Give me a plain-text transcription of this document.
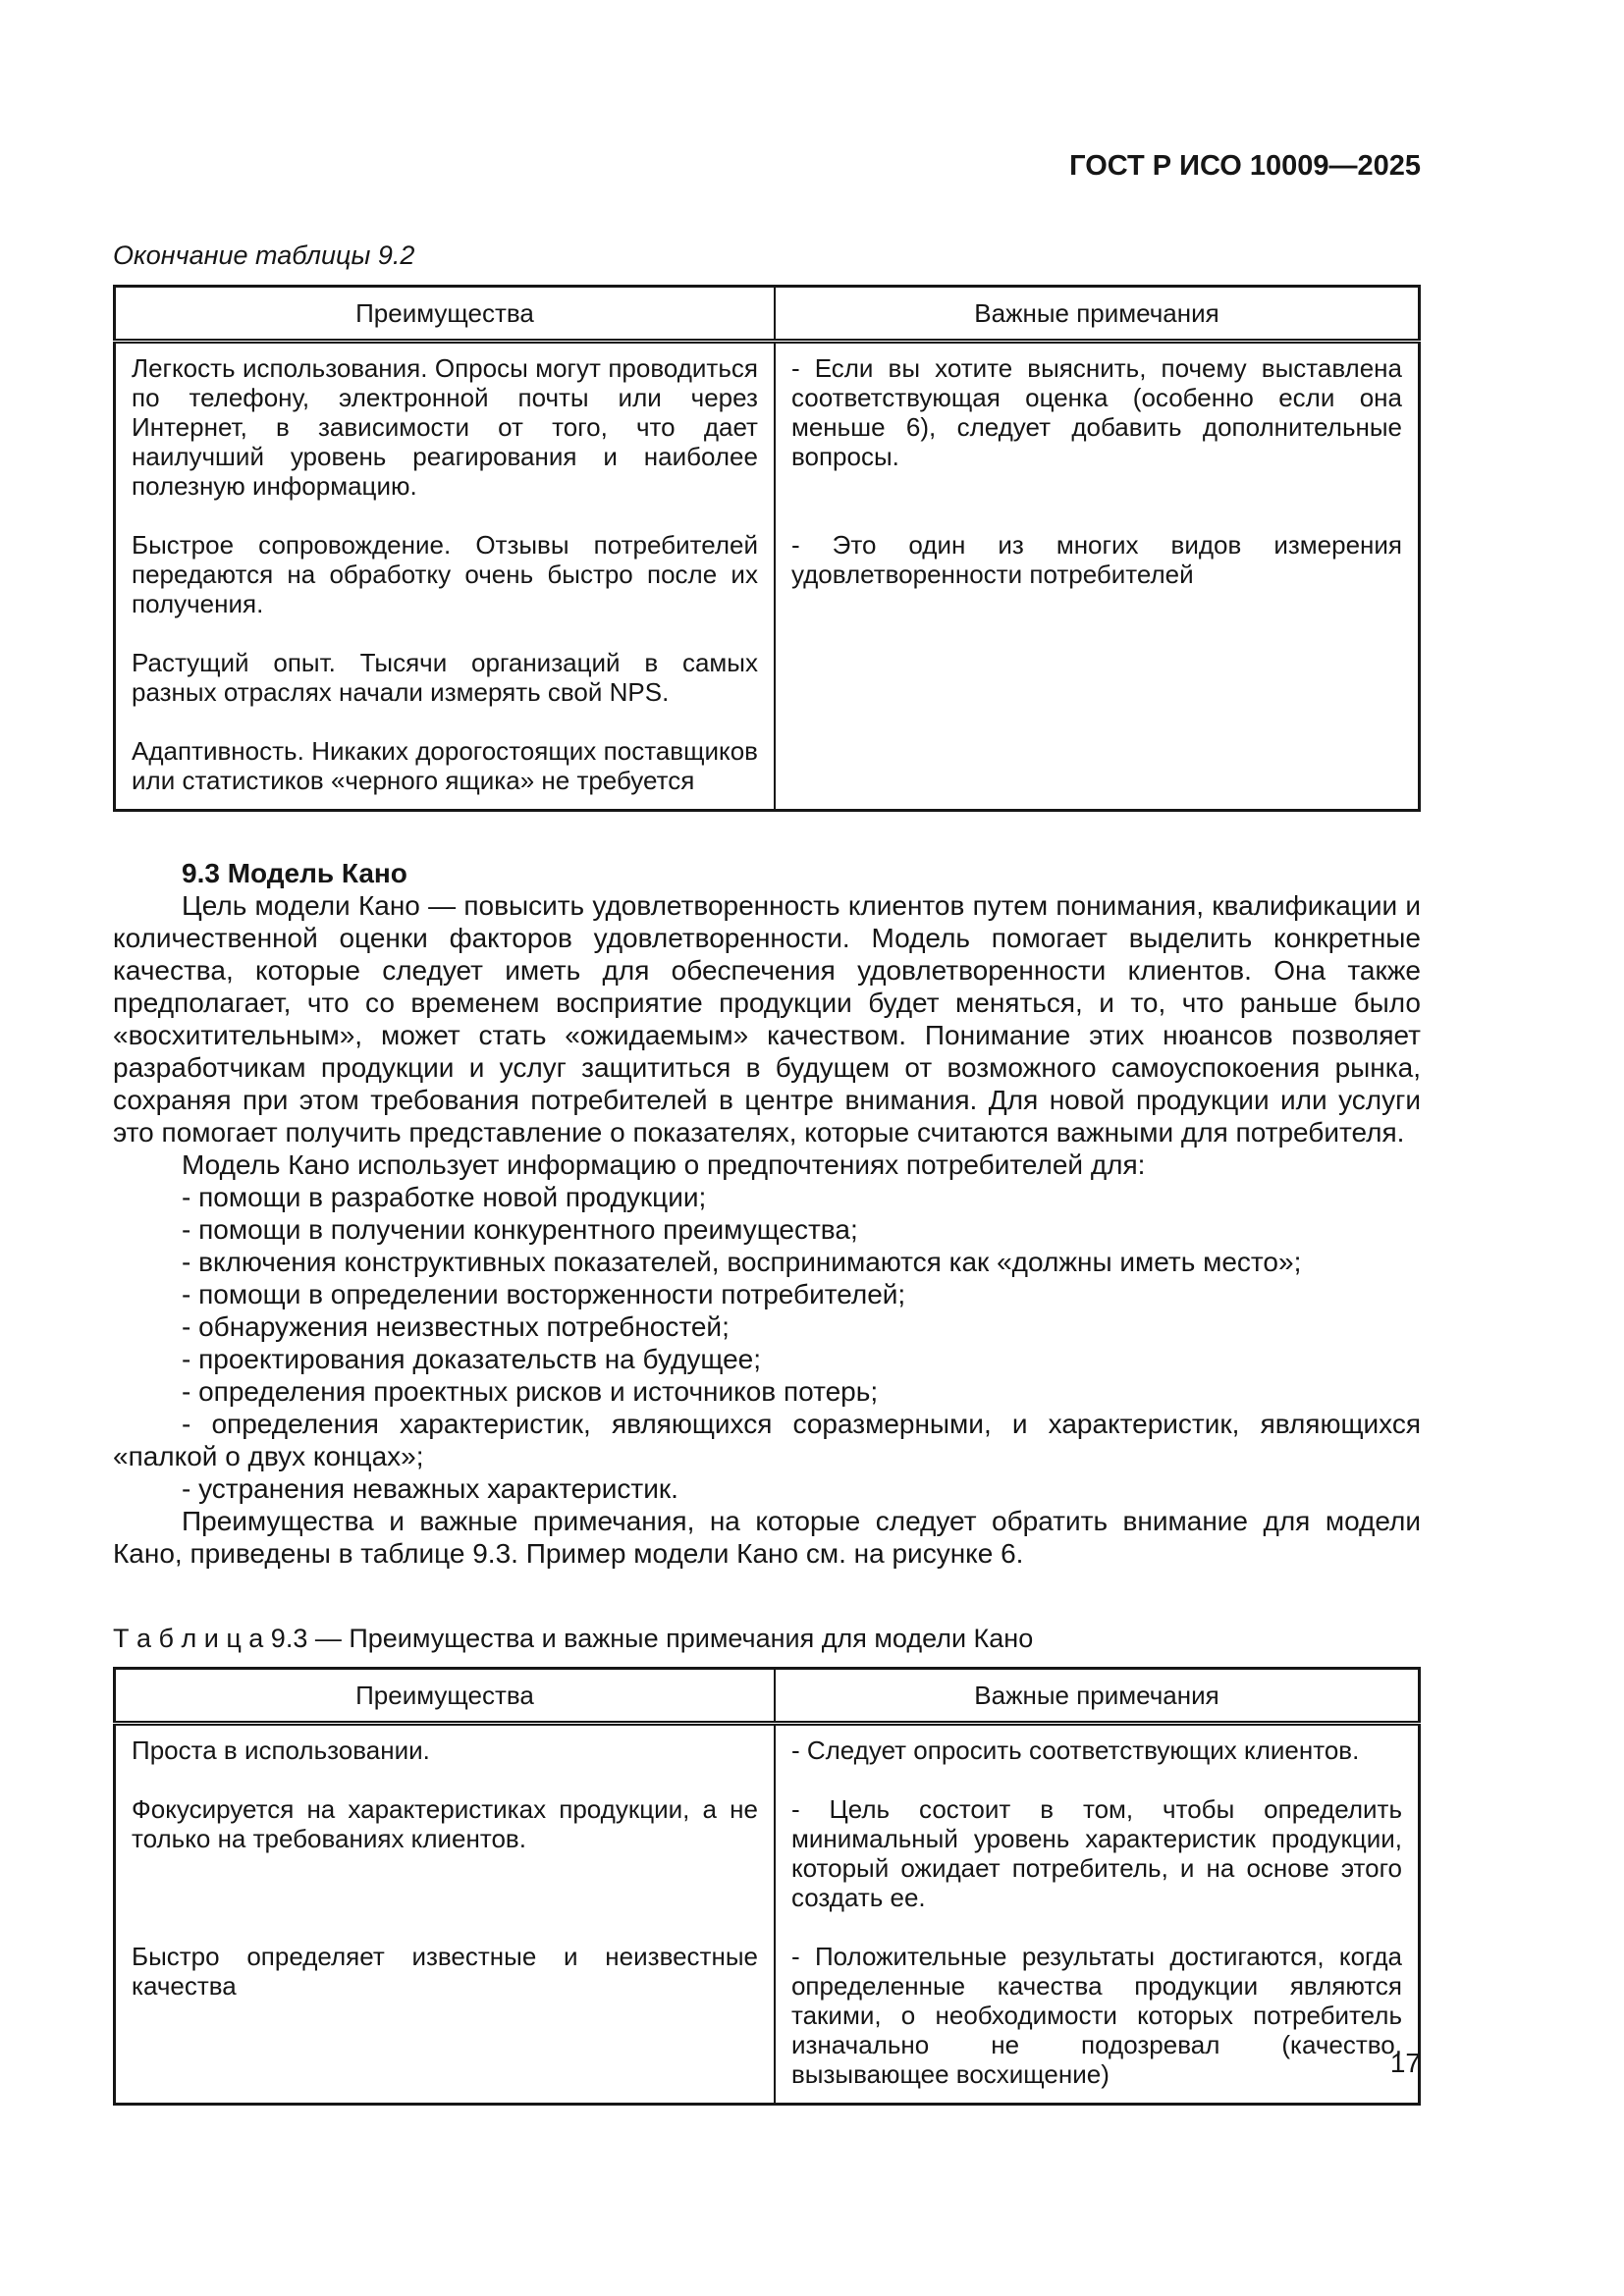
ГОСТ Р ИСО 10009—2025
Окончание таблицы 9.2
Преимущества	Важные примечания
Легкость использования. Опросы могут проводиться по телефону, электронной почты или через Интернет, в зависимости от того, что дает наилучший уровень реагирования и наиболее полезную информацию.	- Если вы хотите выяснить, почему выставлена соответствующая оценка (особенно если она меньше 6), следует добавить дополнительные вопросы.
Быстрое сопровождение. Отзывы потребителей передаются на обработку очень быстро после их получения.	- Это один из многих видов измерения удовлетворенности потребителей
Растущий опыт. Тысячи организаций в самых разных отраслях начали измерять свой NPS.	
Адаптивность. Никаких дорогостоящих поставщиков или статистиков «черного ящика» не требуется	
9.3 Модель Кано

Цель модели Кано — повысить удовлетворенность клиентов путем понимания, квалификации и количественной оценки факторов удовлетворенности. Модель помогает выделить конкретные качества, которые следует иметь для обеспечения удовлетворенности клиентов. Она также предполагает, что со временем восприятие продукции будет меняться, и то, что раньше было «восхитительным», может стать «ожидаемым» качеством. Понимание этих нюансов позволяет разработчикам продукции и услуг защититься в будущем от возможного самоуспокоения рынка, сохраняя при этом требования потребителей в центре внимания. Для новой продукции или услуги это помогает получить представление о показателях, которые считаются важными для потребителя.

Модель Кано использует информацию о предпочтениях потребителей для:

- помощи в разработке новой продукции;

- помощи в получении конкурентного преимущества;

- включения конструктивных показателей, воспринимаются как «должны иметь место»;

- помощи в определении восторженности потребителей;

- обнаружения неизвестных потребностей;

- проектирования доказательств на будущее;

- определения проектных рисков и источников потерь;

- определения характеристик, являющихся соразмерными, и характеристик, являющихся «палкой о двух концах»;

- устранения неважных характеристик.

Преимущества и важные примечания, на которые следует обратить внимание для модели Кано, приведены в таблице 9.3. Пример модели Кано см. на рисунке 6.

Т а б л и ц а 9.3 — Преимущества и важные примечания для модели Кано
Преимущества	Важные примечания
Проста в использовании.	- Следует опросить соответствующих клиентов.
Фокусируется на характеристиках продукции, а не только на требованиях клиентов.	- Цель состоит в том, чтобы определить минимальный уровень характеристик продукции, который ожидает потребитель, и на основе этого создать ее.
Быстро определяет известные и неизвестные качества	- Положительные результаты достигаются, когда определенные качества продукции являются такими, о необходимости которых потребитель изначально не подозревал (качество, вызывающее восхищение)	17
